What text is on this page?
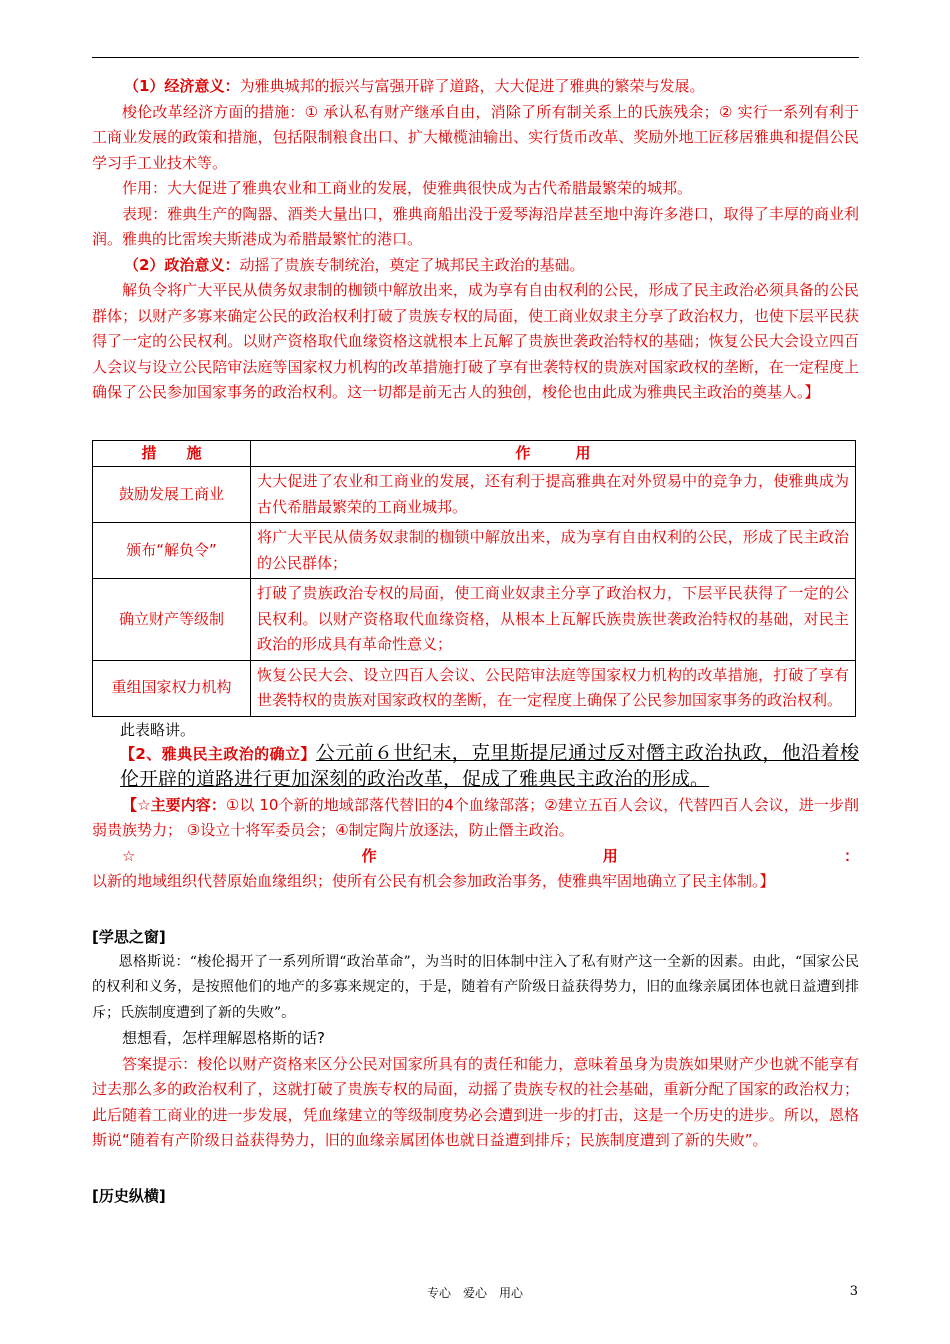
（1）经济意义：为雅典城邦的振兴与富强开辟了道路，大大促进了雅典的繁荣与发展。

梭伦改革经济方面的措施：① 承认私有财产继承自由，消除了所有制关系上的氏族残余；② 实行一系列有利于工商业发展的政策和措施，包括限制粮食出口、扩大橄榄油输出、实行货币改革、奖励外地工匠移居雅典和提倡公民学习手工业技术等。

作用：大大促进了雅典农业和工商业的发展，使雅典很快成为古代希腊最繁荣的城邦。

表现：雅典生产的陶器、酒类大量出口，雅典商船出没于爱琴海沿岸甚至地中海许多港口，取得了丰厚的商业利润。雅典的比雷埃夫斯港成为希腊最繁忙的港口。

（2）政治意义：动摇了贵族专制统治，奠定了城邦民主政治的基础。

解负令将广大平民从债务奴隶制的枷锁中解放出来，成为享有自由权利的公民，形成了民主政治必须具备的公民群体；以财产多寡来确定公民的政治权利打破了贵族专权的局面，使工商业奴隶主分享了政治权力，也使下层平民获得了一定的公民权利。以财产资格取代血缘资格这就根本上瓦解了贵族世袭政治特权的基础；恢复公民大会设立四百人会议与设立公民陪审法庭等国家权力机构的改革措施打破了享有世袭特权的贵族对国家政权的垄断，在一定程度上确保了公民参加国家事务的政治权利。这一切都是前无古人的独创，梭伦也由此成为雅典民主政治的奠基人。】

措　　施	作　　　用
鼓励发展工商业	大大促进了农业和工商业的发展，还有利于提高雅典在对外贸易中的竞争力，使雅典成为古代希腊最繁荣的工商业城邦。
颁布“解负令”	将广大平民从债务奴隶制的枷锁中解放出来，成为享有自由权利的公民，形成了民主政治的公民群体；
确立财产等级制	打破了贵族政治专权的局面，使工商业奴隶主分享了政治权力，下层平民获得了一定的公民权利。以财产资格取代血缘资格，从根本上瓦解氏族贵族世袭政治特权的基础，对民主政治的形成具有革命性意义；
重组国家权力机构	恢复公民大会、设立四百人会议、公民陪审法庭等国家权力机构的改革措施，打破了享有世袭特权的贵族对国家政权的垄断，在一定程度上确保了公民参加国家事务的政治权利。

此表略讲。

【2、雅典民主政治的确立】公元前６世纪末，克里斯提尼通过反对僭主政治执政，他沿着梭伦开辟的道路进行更加深刻的政治改革，促成了雅典民主政治的形成。

【☆主要内容：①以 10个新的地域部落代替旧的4个血缘部落；②建立五百人会议，代替四百人会议，进一步削弱贵族势力； ③设立十将军委员会；④制定陶片放逐法，防止僭主政治。

☆作用：以新的地域组织代替原始血缘组织；使所有公民有机会参加政治事务，使雅典牢固地确立了民主体制。】

[学思之窗]

恩格斯说：“梭伦揭开了一系列所谓“政治革命”，为当时的旧体制中注入了私有财产这一全新的因素。由此，“国家公民的权利和义务，是按照他们的地产的多寡来规定的，于是，随着有产阶级日益获得势力，旧的血缘亲属团体也就日益遭到排斥；氏族制度遭到了新的失败”。

想想看，怎样理解恩格斯的话?

答案提示：梭伦以财产资格来区分公民对国家所具有的责任和能力，意味着虽身为贵族如果财产少也就不能享有过去那么多的政治权利了，这就打破了贵族专权的局面，动摇了贵族专权的社会基础，重新分配了国家的政治权力；此后随着工商业的进一步发展，凭血缘建立的等级制度势必会遭到进一步的打击，这是一个历史的进步。所以，恩格斯说“随着有产阶级日益获得势力，旧的血缘亲属团体也就日益遭到排斥；民族制度遭到了新的失败”。

[历史纵横]

专心　爱心　用心	3
